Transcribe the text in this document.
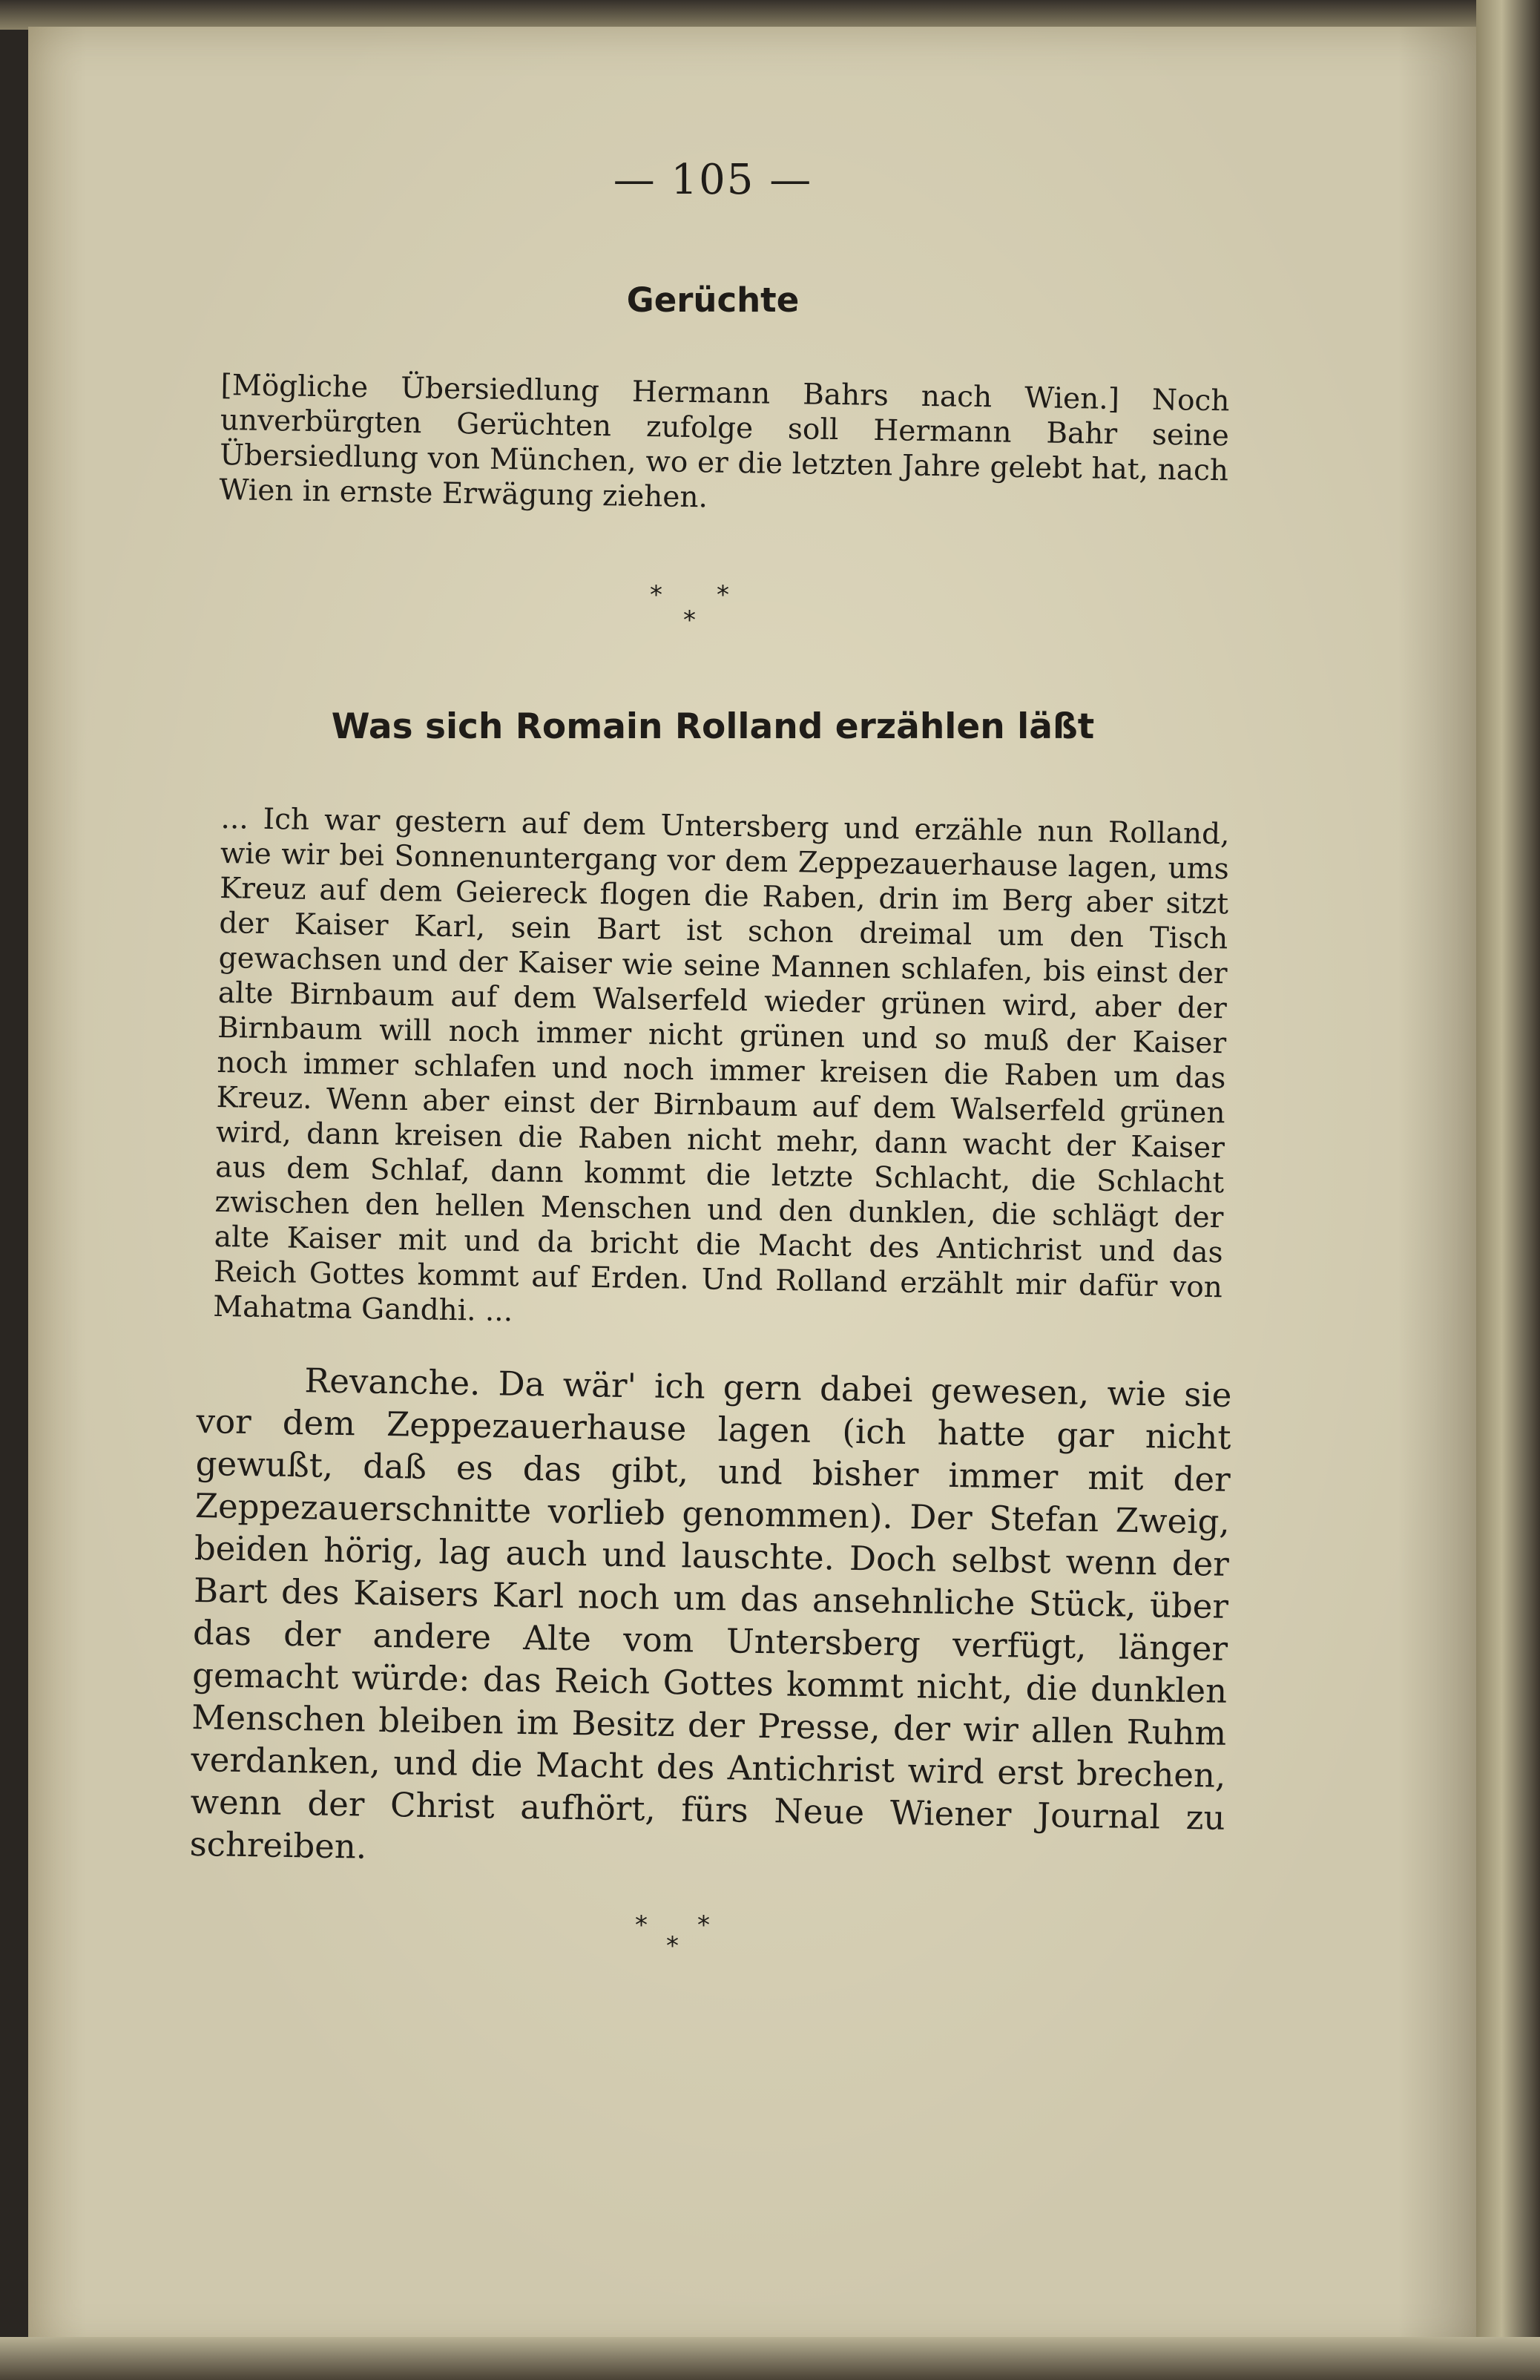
— 105 —
Gerüchte

[Mögliche Übersiedlung Hermann Bahrs nach Wien.] Noch unverbürgten Gerüchten zufolge soll Hermann Bahr seine Übersiedlung von München, wo er die letzten Jahre gelebt hat, nach Wien in ernste Erwägung ziehen.

* *
*
Was sich Romain Rolland erzählen läßt

... Ich war gestern auf dem Untersberg und erzähle nun Rolland, wie wir bei Sonnenuntergang vor dem Zeppezauerhause lagen, ums Kreuz auf dem Geiereck flogen die Raben, drin im Berg aber sitzt der Kaiser Karl, sein Bart ist schon dreimal um den Tisch gewachsen und der Kaiser wie seine Mannen schlafen, bis einst der alte Birnbaum auf dem Walserfeld wieder grünen wird, aber der Birnbaum will noch immer nicht grünen und so muß der Kaiser noch immer schlafen und noch immer kreisen die Raben um das Kreuz. Wenn aber einst der Birnbaum auf dem Walserfeld grünen wird, dann kreisen die Raben nicht mehr, dann wacht der Kaiser aus dem Schlaf, dann kommt die letzte Schlacht, die Schlacht zwischen den hellen Menschen und den dunklen, die schlägt der alte Kaiser mit und da bricht die Macht des Antichrist und das Reich Gottes kommt auf Erden. Und Rolland erzählt mir dafür von Mahatma Gandhi. ...

Revanche. Da wär' ich gern dabei gewesen, wie sie vor dem Zeppezauerhause lagen (ich hatte gar nicht gewußt, daß es das gibt, und bisher immer mit der Zeppezauerschnitte vorlieb genommen). Der Stefan Zweig, beiden hörig, lag auch und lauschte. Doch selbst wenn der Bart des Kaisers Karl noch um das ansehnliche Stück, über das der andere Alte vom Untersberg verfügt, länger gemacht würde: das Reich Gottes kommt nicht, die dunklen Menschen bleiben im Besitz der Presse, der wir allen Ruhm verdanken, und die Macht des Antichrist wird erst brechen, wenn der Christ aufhört, fürs Neue Wiener Journal zu schreiben.

* *
*
